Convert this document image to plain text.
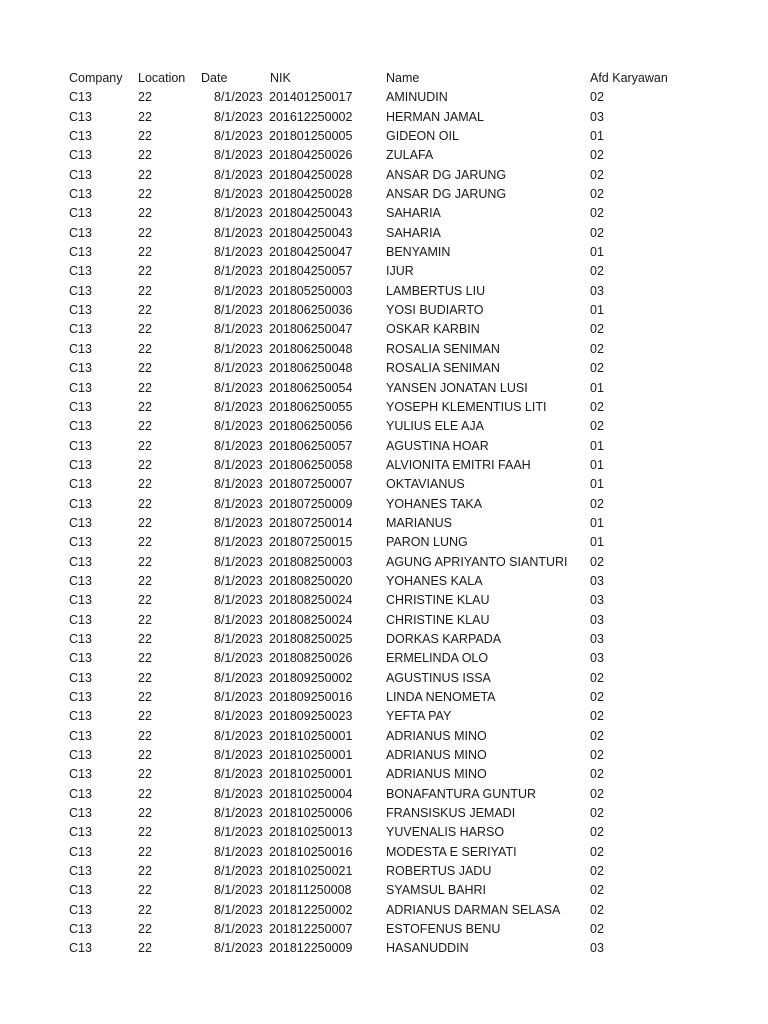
Company Location Date	NIK	Name	Afd Karyawan
C13	22	8/1/2023 201401250017	AMINUDIN	02
C13	22	8/1/2023 201612250002	HERMAN JAMAL	03
C13	22	8/1/2023 201801250005	GIDEON OIL	01
C13	22	8/1/2023 201804250026	ZULAFA	02
C13	22	8/1/2023 201804250028	ANSAR DG JARUNG	02
C13	22	8/1/2023 201804250028	ANSAR DG JARUNG	02
C13	22	8/1/2023 201804250043	SAHARIA	02
C13	22	8/1/2023 201804250043	SAHARIA	02
C13	22	8/1/2023 201804250047	BENYAMIN	01
C13	22	8/1/2023 201804250057	IJUR	02
C13	22	8/1/2023 201805250003	LAMBERTUS LIU	03
C13	22	8/1/2023 201806250036	YOSI BUDIARTO	01
C13	22	8/1/2023 201806250047	OSKAR KARBIN	02
C13	22	8/1/2023 201806250048	ROSALIA SENIMAN	02
C13	22	8/1/2023 201806250048	ROSALIA SENIMAN	02
C13	22	8/1/2023 201806250054	YANSEN JONATAN LUSI	01
C13	22	8/1/2023 201806250055	YOSEPH KLEMENTIUS LITI	02
C13	22	8/1/2023 201806250056	YULIUS ELE AJA	02
C13	22	8/1/2023 201806250057	AGUSTINA HOAR	01
C13	22	8/1/2023 201806250058	ALVIONITA EMITRI FAAH	01
C13	22	8/1/2023 201807250007	OKTAVIANUS	01
C13	22	8/1/2023 201807250009	YOHANES TAKA	02
C13	22	8/1/2023 201807250014	MARIANUS	01
C13	22	8/1/2023 201807250015	PARON LUNG	01
C13	22	8/1/2023 201808250003	AGUNG APRIYANTO SIANTURI 02
C13	22	8/1/2023 201808250020	YOHANES KALA	03
C13	22	8/1/2023 201808250024	CHRISTINE KLAU	03
C13	22	8/1/2023 201808250024	CHRISTINE KLAU	03
C13	22	8/1/2023 201808250025	DORKAS KARPADA	03
C13	22	8/1/2023 201808250026	ERMELINDA OLO	03
C13	22	8/1/2023 201809250002	AGUSTINUS ISSA	02
C13	22	8/1/2023 201809250016	LINDA NENOMETA	02
C13	22	8/1/2023 201809250023	YEFTA PAY	02
C13	22	8/1/2023 201810250001	ADRIANUS MINO	02
C13	22	8/1/2023 201810250001	ADRIANUS MINO	02
C13	22	8/1/2023 201810250001	ADRIANUS MINO	02
C13	22	8/1/2023 201810250004	BONAFANTURA GUNTUR	02
C13	22	8/1/2023 201810250006	FRANSISKUS JEMADI	02
C13	22	8/1/2023 201810250013	YUVENALIS HARSO	02
C13	22	8/1/2023 201810250016	MODESTA E SERIYATI	02
C13	22	8/1/2023 201810250021	ROBERTUS JADU	02
C13	22	8/1/2023 201811250008	SYAMSUL BAHRI	02
C13	22	8/1/2023 201812250002	ADRIANUS DARMAN SELASA 02
C13	22	8/1/2023 201812250007	ESTOFENUS BENU	02
C13	22	8/1/2023 201812250009	HASANUDDIN	03
